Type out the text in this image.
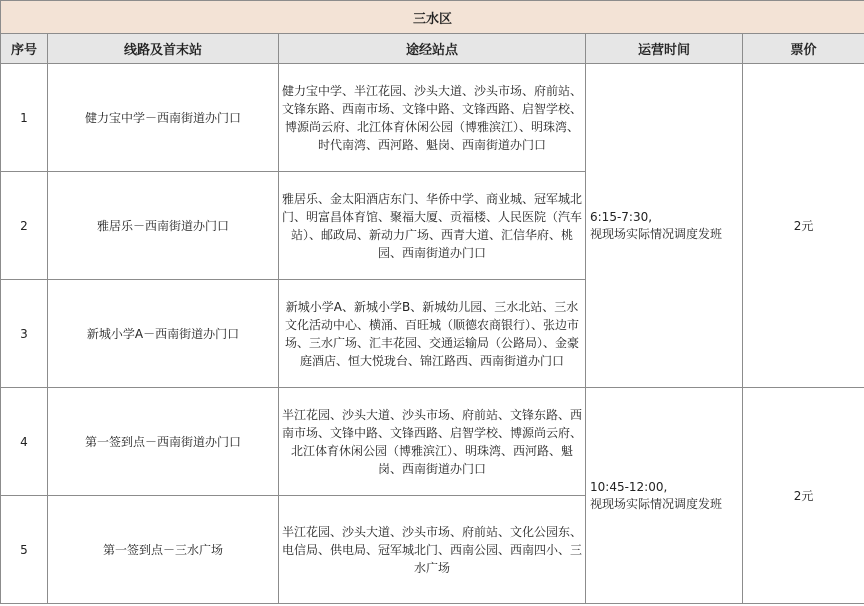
三水区				
序号	线路及首末站	途经站点	运营时间	票价
1	健力宝中学－西南街道办门口	健力宝中学、半江花园、沙头大道、沙头市场、府前站、文锋东路、西南市场、文锋中路、文锋西路、启智学校、博源尚云府、北江体育休闲公园（博雅滨江）、明珠湾、时代南湾、西河路、魁岗、西南街道办门口	6:15-7:30,
视现场实际情况调度发班	2元
2	雅居乐－西南街道办门口	雅居乐、金太阳酒店东门、华侨中学、商业城、冠军城北门、明富昌体育馆、聚福大厦、贡福楼、人民医院（汽车站）、邮政局、新动力广场、西青大道、汇信华府、桃园、西南街道办门口		
3	新城小学A－西南街道办门口	新城小学A、新城小学B、新城幼儿园、三水北站、三水文化活动中心、横涌、百旺城（顺德农商银行）、张边市场、三水广场、汇丰花园、交通运输局（公路局）、金豪庭酒店、恒大悦珑台、锦江路西、西南街道办门口		
4	第一签到点－西南街道办门口	半江花园、沙头大道、沙头市场、府前站、文锋东路、西南市场、文锋中路、文锋西路、启智学校、博源尚云府、北江体育休闲公园（博雅滨江）、明珠湾、西河路、魁岗、西南街道办门口	10:45-12:00,
视现场实际情况调度发班	2元
5	第一签到点－三水广场	半江花园、沙头大道、沙头市场、府前站、文化公园东、电信局、供电局、冠军城北门、西南公园、西南四小、三水广场		
